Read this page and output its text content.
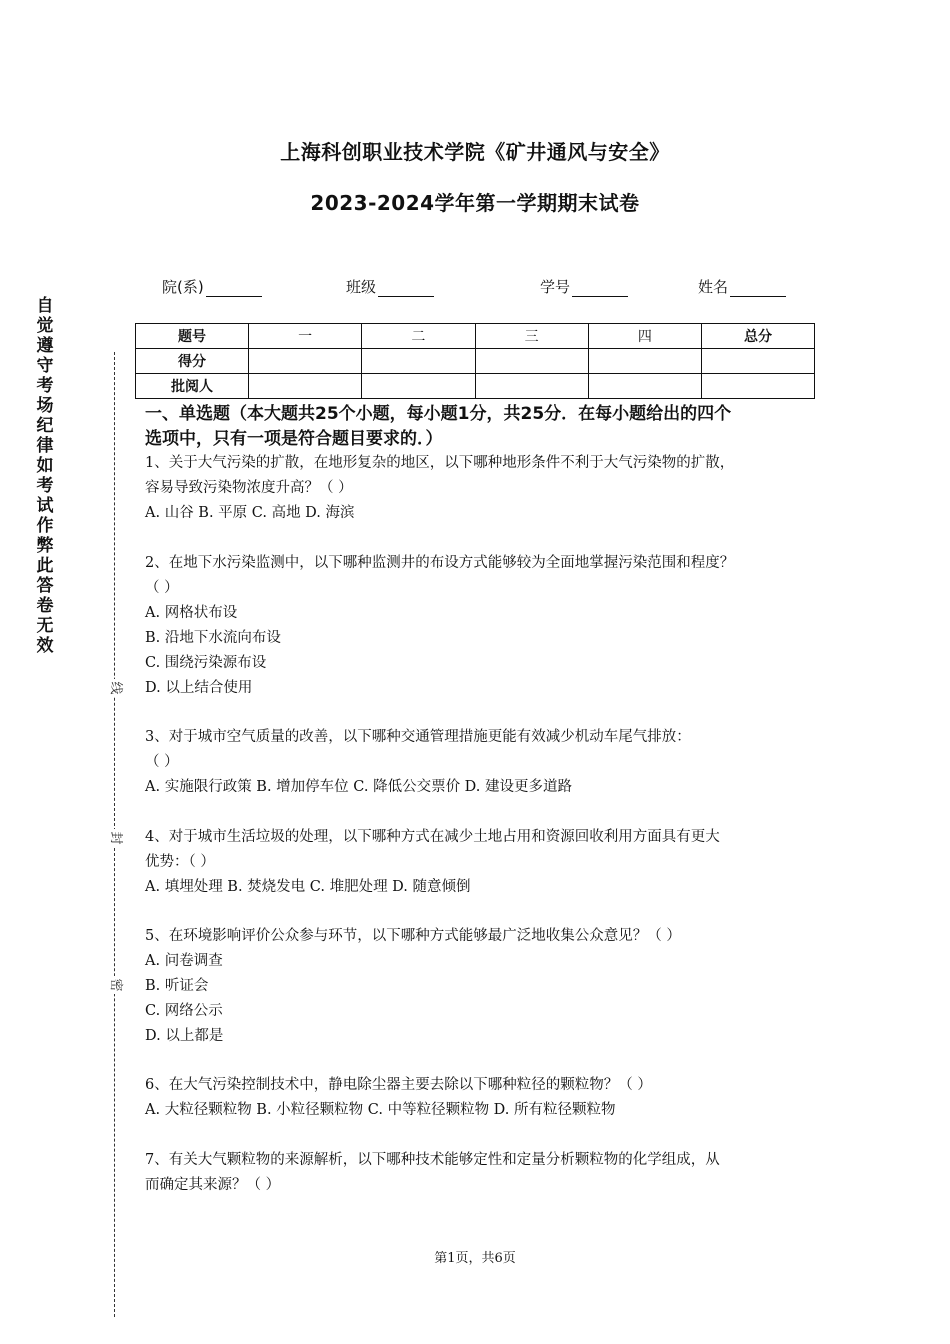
上海科创职业技术学院《矿井通风与安全》
2023-2024学年第一学期期末试卷
院(系)	班级	学号	姓名
题号	一	二	三	四	总分
得分					
批阅人					
自觉遵守考场纪律如考试作弊此答卷无效
线
封
密
一、单选题（本大题共25个小题，每小题1分，共25分．在每小题给出的四个
选项中，只有一项是符合题目要求的．）
1、关于大气污染的扩散，在地形复杂的地区，以下哪种地形条件不利于大气污染物的扩散，
容易导致污染物浓度升高？（ ）
A. 山谷 B. 平原 C. 高地 D. 海滨
2、在地下水污染监测中，以下哪种监测井的布设方式能够较为全面地掌握污染范围和程度？
（ ）
A. 网格状布设
B. 沿地下水流向布设
C. 围绕污染源布设
D. 以上结合使用
3、对于城市空气质量的改善，以下哪种交通管理措施更能有效减少机动车尾气排放：
（ ）
A. 实施限行政策 B. 增加停车位 C. 降低公交票价 D. 建设更多道路
4、对于城市生活垃圾的处理，以下哪种方式在减少土地占用和资源回收利用方面具有更大
优势：（ ）
A. 填埋处理 B. 焚烧发电 C. 堆肥处理 D. 随意倾倒
5、在环境影响评价公众参与环节，以下哪种方式能够最广泛地收集公众意见？（ ）
A. 问卷调查
B. 听证会
C. 网络公示
D. 以上都是
6、在大气污染控制技术中，静电除尘器主要去除以下哪种粒径的颗粒物？（ ）
A. 大粒径颗粒物 B. 小粒径颗粒物 C. 中等粒径颗粒物 D. 所有粒径颗粒物
7、有关大气颗粒物的来源解析，以下哪种技术能够定性和定量分析颗粒物的化学组成，从
而确定其来源？（ ）
第1页，共6页
